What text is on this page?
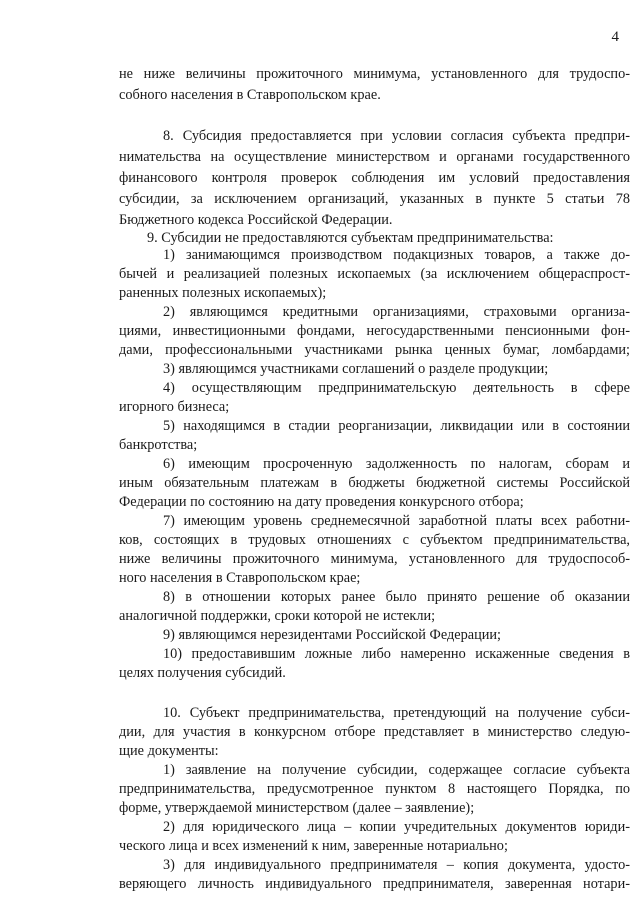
4
не ниже величины прожиточного минимума, установленного для трудоспо-
собного населения в Ставропольском крае.
8. Субсидия предоставляется при условии согласия субъекта предпри-
нимательства на осуществление министерством и органами государственного
финансового контроля проверок соблюдения им условий предоставления
субсидии, за исключением организаций, указанных в пункте 5 статьи 78
Бюджетного кодекса Российской Федерации.
9. Субсидии не предоставляются субъектам предпринимательства:
1) занимающимся производством подакцизных товаров, а также до-
бычей и реализацией полезных ископаемых (за исключением общераспрост-
раненных полезных ископаемых);
2) являющимся кредитными организациями, страховыми организа-
циями, инвестиционными фондами, негосударственными пенсионными фон-
дами, профессиональными участниками рынка ценных бумаг, ломбардами;
3) являющимся участниками соглашений о разделе продукции;
4) осуществляющим предпринимательскую деятельность в сфере
игорного бизнеса;
5) находящимся в стадии реорганизации, ликвидации или в состоянии
банкротства;
6) имеющим просроченную задолженность по налогам, сборам и
иным обязательным платежам в бюджеты бюджетной системы Российской
Федерации по состоянию на дату проведения конкурсного отбора;
7) имеющим уровень среднемесячной заработной платы всех работни-
ков, состоящих в трудовых отношениях с субъектом предпринимательства,
ниже величины прожиточного минимума, установленного для трудоспособ-
ного населения в Ставропольском крае;
8) в отношении которых ранее было принято решение об оказании
аналогичной поддержки, сроки которой не истекли;
9) являющимся нерезидентами Российской Федерации;
10) предоставившим ложные либо намеренно искаженные сведения в
целях получения субсидий.
10. Субъект предпринимательства, претендующий на получение субси-
дии, для участия в конкурсном отборе представляет в министерство следую-
щие документы:
1) заявление на получение субсидии, содержащее согласие субъекта
предпринимательства, предусмотренное пунктом 8 настоящего Порядка, по
форме, утверждаемой министерством (далее – заявление);
2) для юридического лица – копии учредительных документов юриди-
ческого лица и всех изменений к ним, заверенные нотариально;
3) для индивидуального предпринимателя – копия документа, удосто-
веряющего личность индивидуального предпринимателя, заверенная нотари-
